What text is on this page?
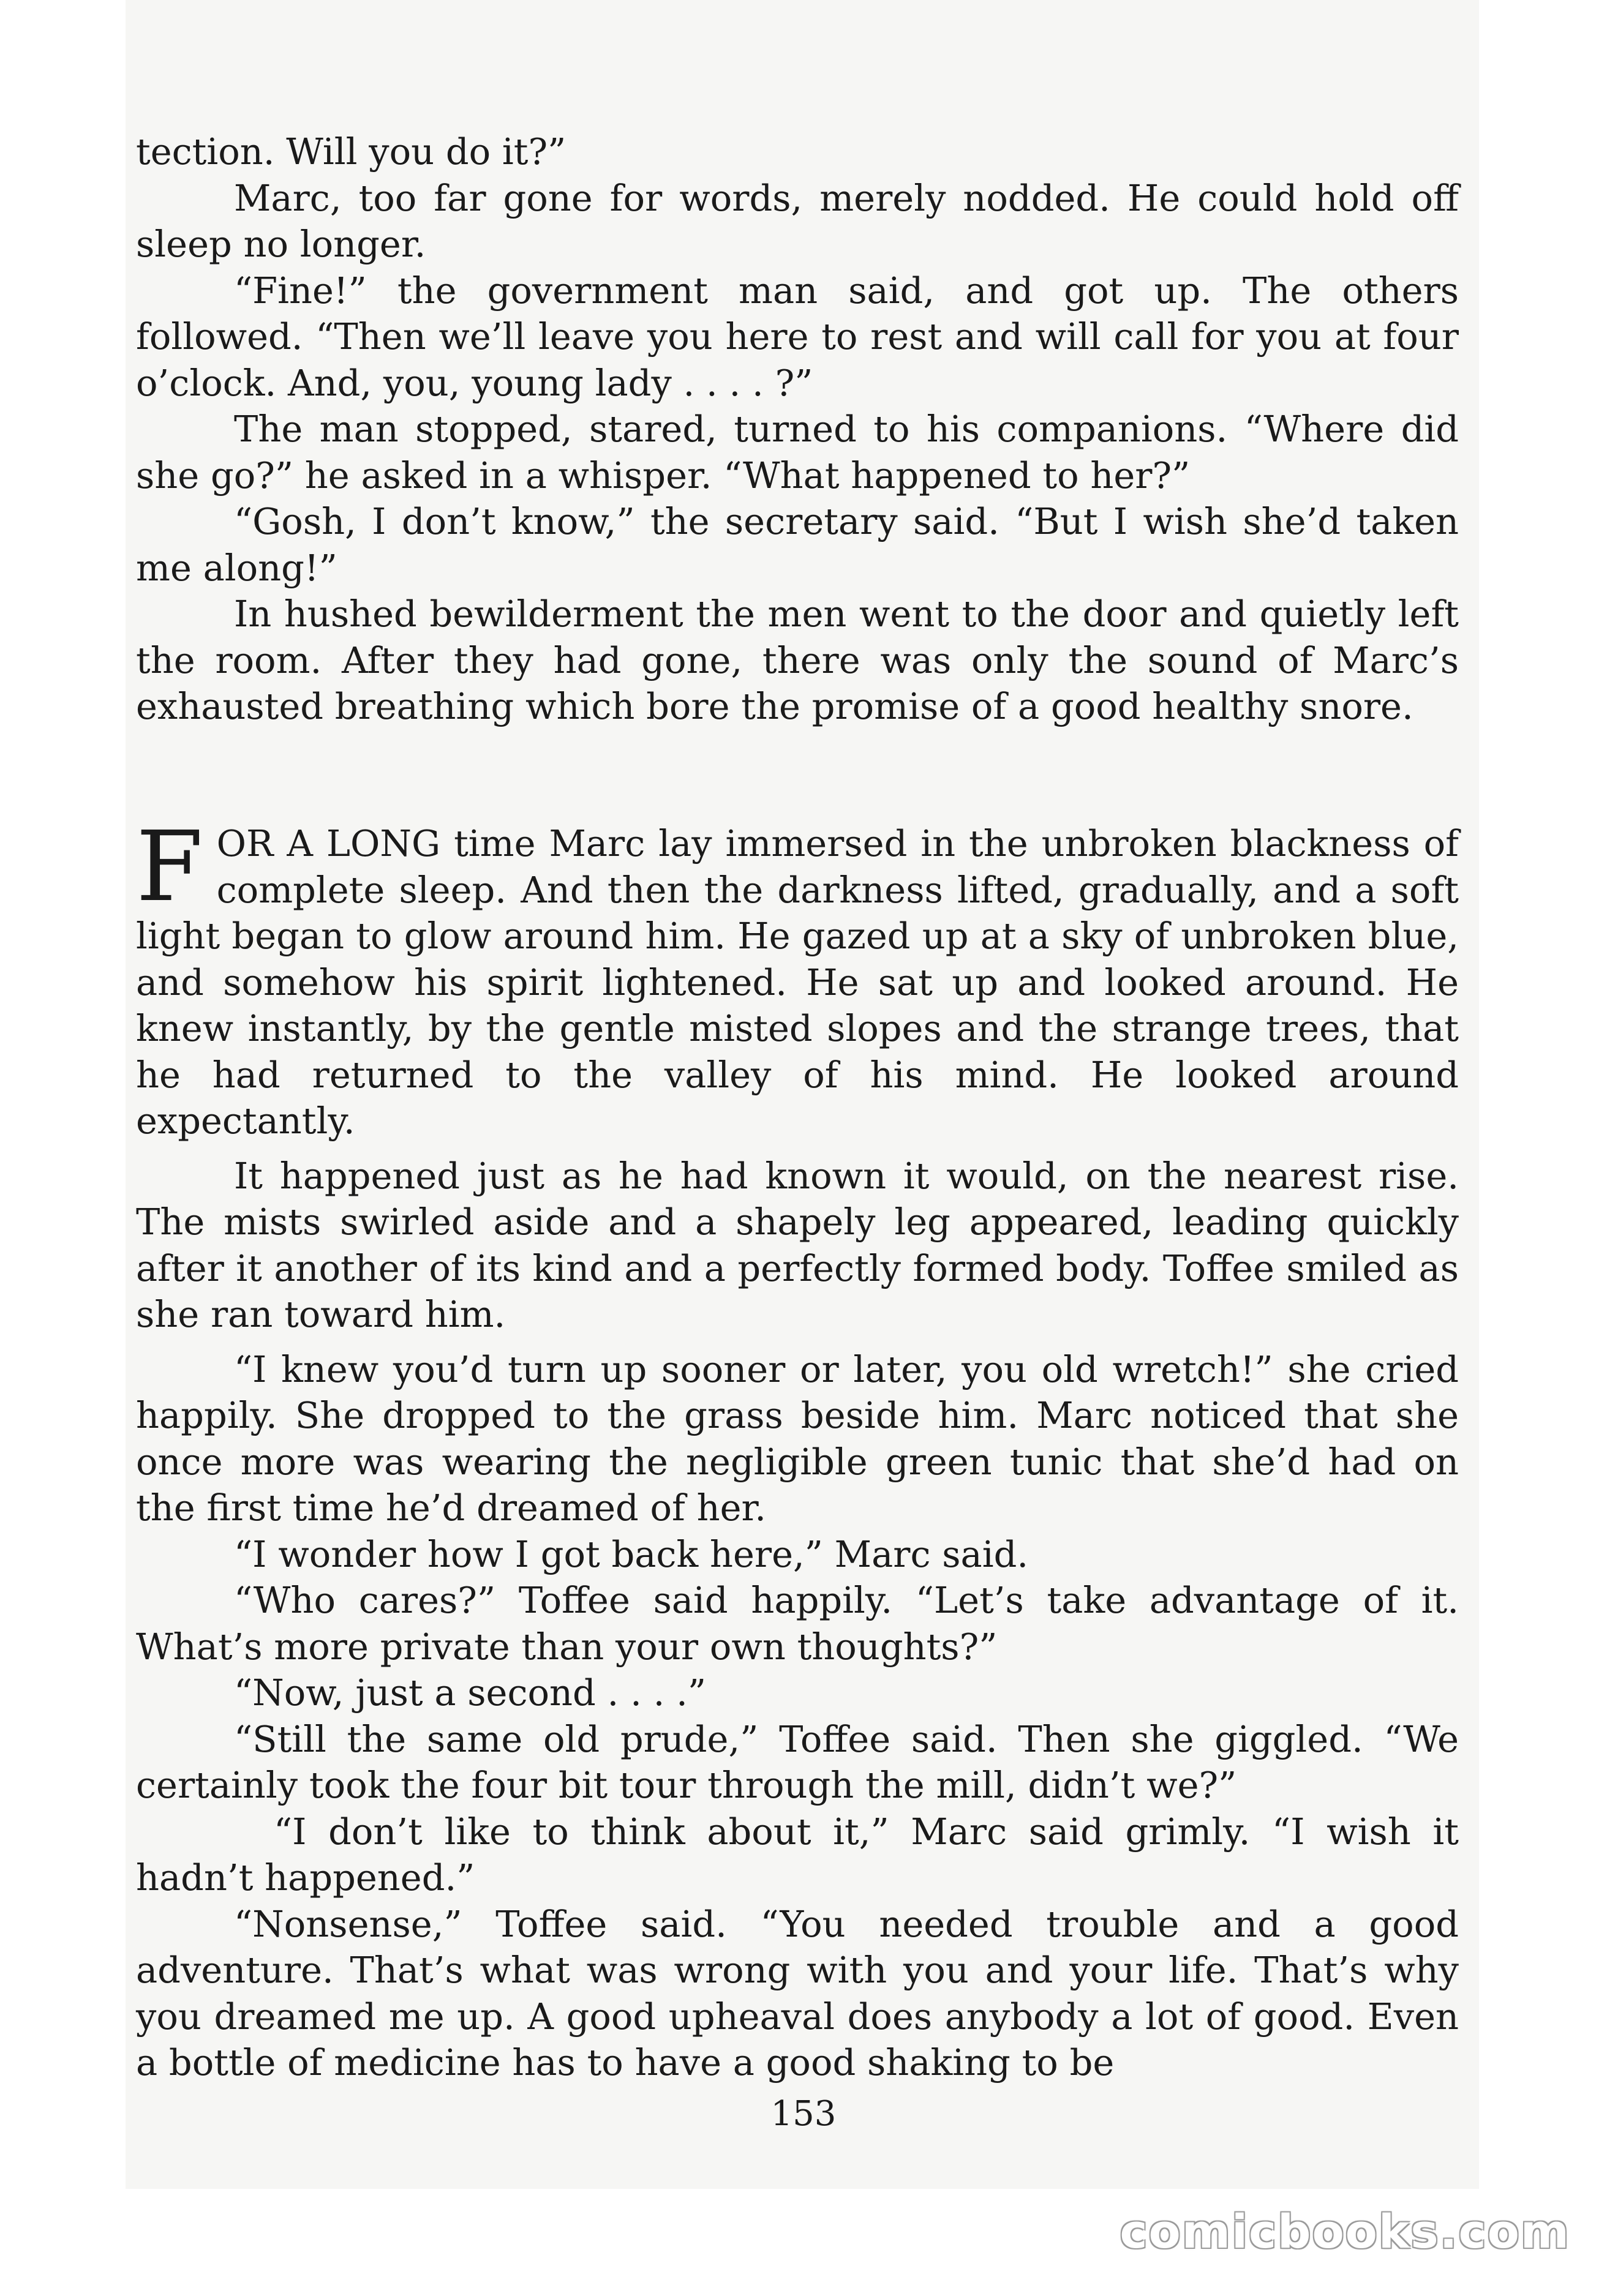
tection. Will you do it?”

Marc, too far gone for words, merely nodded. He could hold off sleep no longer.

“Fine!” the government man said, and got up. The others followed. “Then we’ll leave you here to rest and will call for you at four o’clock. And, you, young lady . . . . ?”

The man stopped, stared, turned to his companions. “Where did she go?” he asked in a whisper. “What happened to her?”

“Gosh, I don’t know,” the secretary said. “But I wish she’d taken me along!”

In hushed bewilderment the men went to the door and quietly left the room. After they had gone, there was only the sound of Marc’s exhausted breathing which bore the promise of a good healthy snore.

FOR A LONG time Marc lay immersed in the unbroken blackness of complete sleep. And then the darkness lifted, gradually, and a soft light began to glow around him. He gazed up at a sky of unbroken blue, and somehow his spirit lightened. He sat up and looked around. He knew instantly, by the gentle misted slopes and the strange trees, that he had returned to the valley of his mind. He looked around expectantly.

It happened just as he had known it would, on the nearest rise. The mists swirled aside and a shapely leg appeared, leading quickly after it another of its kind and a perfectly formed body. Toffee smiled as she ran toward him.

“I knew you’d turn up sooner or later, you old wretch!” she cried happily. She dropped to the grass beside him. Marc noticed that she once more was wearing the negligible green tunic that she’d had on the first time he’d dreamed of her.

“I wonder how I got back here,” Marc said.

“Who cares?” Toffee said happily. “Let’s take advantage of it. What’s more private than your own thoughts?”

“Now, just a second . . . .”

“Still the same old prude,” Toffee said. Then she giggled. “We certainly took the four bit tour through the mill, didn’t we?”

“I don’t like to think about it,” Marc said grimly. “I wish it hadn’t happened.”

“Nonsense,” Toffee said. “You needed trouble and a good adventure. That’s what was wrong with you and your life. That’s why you dreamed me up. A good upheaval does anybody a lot of good. Even a bottle of medicine has to have a good shaking to be

153
comicbooks.com
